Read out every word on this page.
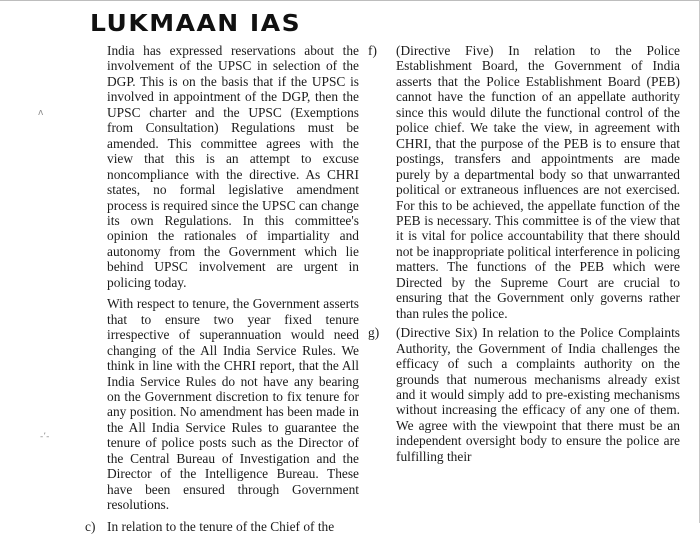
LUKMAAN IAS
ʌ
-ʼ-

India has expressed reservations about the involvement of the UPSC in selection of the DGP. This is on the basis that if the UPSC is involved in appointment of the DGP, then the UPSC charter and the UPSC (Exemptions from Consultation) Regulations must be amended. This committee agrees with the view that this is an attempt to excuse noncompliance with the directive. As CHRI states, no formal legislative amendment process is required since the UPSC can change its own Regulations. In this committee's opinion the rationales of impartiality and autonomy from the Government which lie behind UPSC involvement are urgent in policing today.

With respect to tenure, the Government asserts that to ensure two year fixed tenure irrespective of superannuation would need changing of the All India Service Rules. We think in line with the CHRI report, that the All India Service Rules do not have any bearing on the Government discretion to fix tenure for any position. No amendment has been made in the All India Service Rules to guarantee the tenure of police posts such as the Director of the Central Bureau of Investigation and the Director of the Intelligence Bureau. These have been ensured through Government resolutions.

c) In relation to the tenure of the Chief of the
f) (Directive Five) In relation to the Police Establishment Board, the Government of India asserts that the Police Establishment Board (PEB) cannot have the function of an appellate authority since this would dilute the functional control of the police chief. We take the view, in agreement with CHRI, that the purpose of the PEB is to ensure that postings, transfers and appointments are made purely by a departmental body so that unwarranted political or extraneous influences are not exercised. For this to be achieved, the appellate function of the PEB is necessary. This committee is of the view that it is vital for police accountability that there should not be inappropriate political interference in policing matters. The functions of the PEB which were Directed by the Supreme Court are crucial to ensuring that the Government only governs rather than rules the police.
g) (Directive Six) In relation to the Police Complaints Authority, the Government of India challenges the efficacy of such a complaints authority on the grounds that numerous mechanisms already exist and it would simply add to pre-existing mechanisms without increasing the efficacy of any one of them. We agree with the viewpoint that there must be an independent oversight body to ensure the police are fulfilling their
